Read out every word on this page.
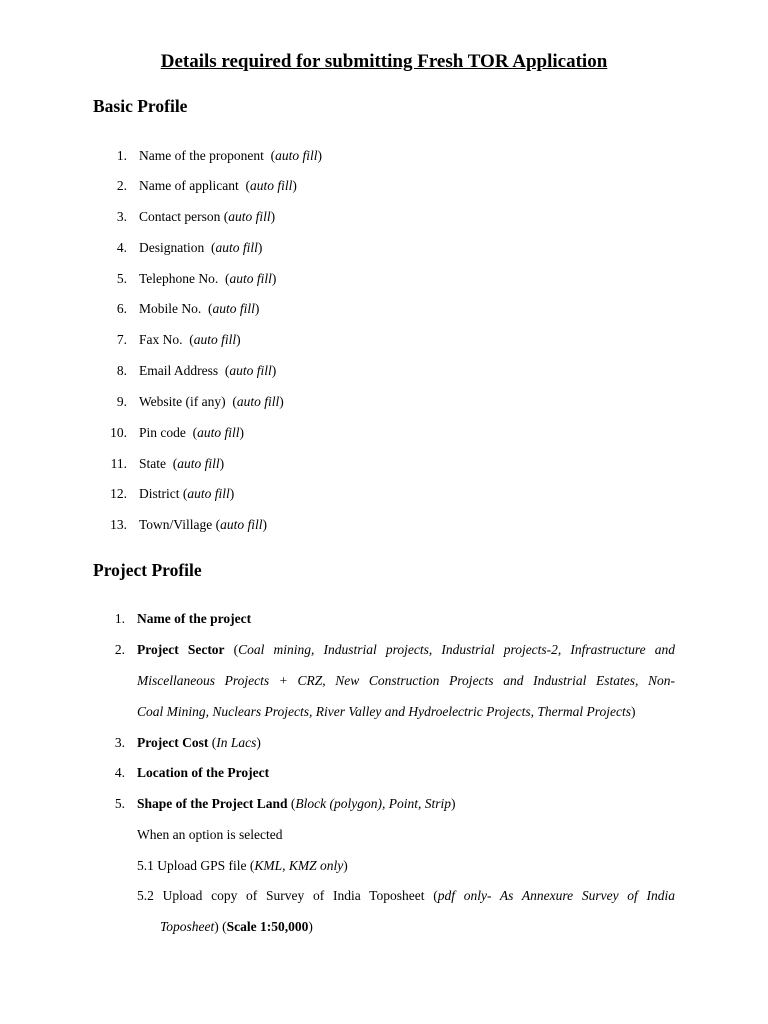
Details required for submitting Fresh TOR Application
Basic Profile
1. Name of the proponent  (auto fill)
2. Name of applicant  (auto fill)
3. Contact person (auto fill)
4. Designation  (auto fill)
5. Telephone No.  (auto fill)
6. Mobile No.  (auto fill)
7. Fax No.  (auto fill)
8. Email Address  (auto fill)
9. Website (if any)  (auto fill)
10. Pin code  (auto fill)
11. State  (auto fill)
12. District (auto fill)
13. Town/Village (auto fill)
Project Profile
1. Name of the project
2. Project Sector (Coal mining, Industrial projects, Industrial projects-2, Infrastructure and
Miscellaneous Projects + CRZ, New Construction Projects and Industrial Estates, Non-
Coal Mining, Nuclears Projects, River Valley and Hydroelectric Projects, Thermal Projects)
3. Project Cost (In Lacs)
4. Location of the Project
5. Shape of the Project Land (Block (polygon), Point, Strip)
When an option is selected
5.1 Upload GPS file (KML, KMZ only)
5.2 Upload copy of Survey of India Toposheet (pdf only- As Annexure Survey of India
Toposheet) (Scale 1:50,000)
